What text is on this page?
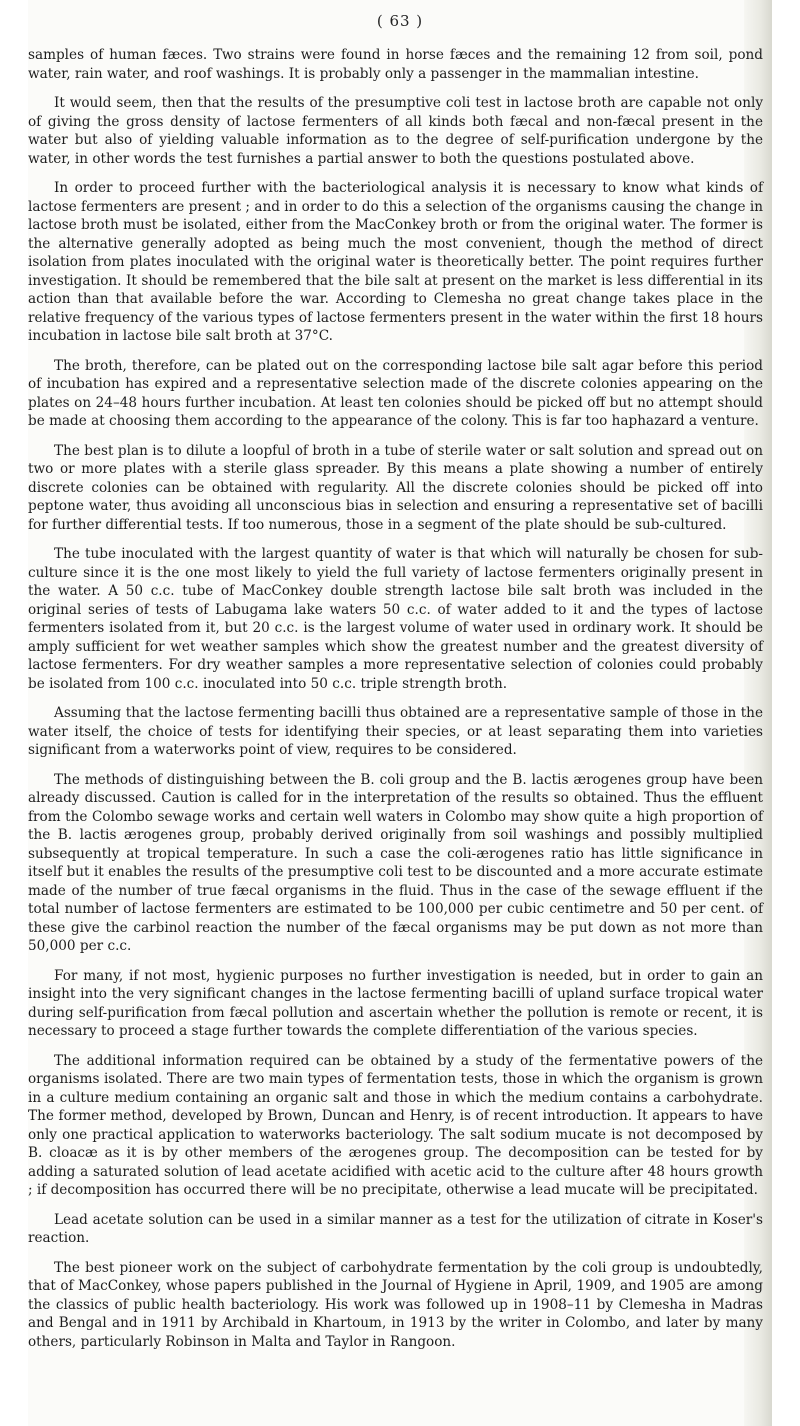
( 63 )

samples of human fæces. Two strains were found in horse fæces and the remaining 12 from soil, pond water, rain water, and roof washings. It is probably only a passenger in the mammalian intestine.

It would seem, then that the results of the presumptive coli test in lactose broth are capable not only of giving the gross density of lactose fermenters of all kinds both fæcal and non-fæcal present in the water but also of yielding valuable information as to the degree of self-purification undergone by the water, in other words the test furnishes a partial answer to both the questions postulated above.

In order to proceed further with the bacteriological analysis it is necessary to know what kinds of lactose fermenters are present ; and in order to do this a selection of the organisms causing the change in lactose broth must be isolated, either from the MacConkey broth or from the original water. The former is the alternative generally adopted as being much the most convenient, though the method of direct isolation from plates inoculated with the original water is theoretically better. The point requires further investigation. It should be remembered that the bile salt at present on the market is less differential in its action than that available before the war. According to Clemesha no great change takes place in the relative frequency of the various types of lactose fermenters present in the water within the first 18 hours incubation in lactose bile salt broth at 37°C.

The broth, therefore, can be plated out on the corresponding lactose bile salt agar before this period of incubation has expired and a representative selection made of the discrete colonies appearing on the plates on 24–48 hours further incubation. At least ten colonies should be picked off but no attempt should be made at choosing them according to the appearance of the colony. This is far too haphazard a venture.

The best plan is to dilute a loopful of broth in a tube of sterile water or salt solution and spread out on two or more plates with a sterile glass spreader. By this means a plate showing a number of entirely discrete colonies can be obtained with regularity. All the discrete colonies should be picked off into peptone water, thus avoiding all unconscious bias in selection and ensuring a representative set of bacilli for further differential tests. If too numerous, those in a segment of the plate should be sub-cultured.

The tube inoculated with the largest quantity of water is that which will naturally be chosen for sub-culture since it is the one most likely to yield the full variety of lactose fermenters originally present in the water. A 50 c.c. tube of MacConkey double strength lactose bile salt broth was included in the original series of tests of Labugama lake waters 50 c.c. of water added to it and the types of lactose fermenters isolated from it, but 20 c.c. is the largest volume of water used in ordinary work. It should be amply sufficient for wet weather samples which show the greatest number and the greatest diversity of lactose fermenters. For dry weather samples a more representative selection of colonies could probably be isolated from 100 c.c. inoculated into 50 c.c. triple strength broth.

Assuming that the lactose fermenting bacilli thus obtained are a representative sample of those in the water itself, the choice of tests for identifying their species, or at least separating them into varieties significant from a waterworks point of view, requires to be considered.

The methods of distinguishing between the B. coli group and the B. lactis ærogenes group have been already discussed. Caution is called for in the interpretation of the results so obtained. Thus the effluent from the Colombo sewage works and certain well waters in Colombo may show quite a high proportion of the B. lactis ærogenes group, probably derived originally from soil washings and possibly multiplied subsequently at tropical temperature. In such a case the coli-ærogenes ratio has little significance in itself but it enables the results of the presumptive coli test to be discounted and a more accurate estimate made of the number of true fæcal organisms in the fluid. Thus in the case of the sewage effluent if the total number of lactose fermenters are estimated to be 100,000 per cubic centimetre and 50 per cent. of these give the carbinol reaction the number of the fæcal organisms may be put down as not more than 50,000 per c.c.

For many, if not most, hygienic purposes no further investigation is needed, but in order to gain an insight into the very significant changes in the lactose fermenting bacilli of upland surface tropical water during self-purification from fæcal pollution and ascertain whether the pollution is remote or recent, it is necessary to proceed a stage further towards the complete differentiation of the various species.

The additional information required can be obtained by a study of the fermentative powers of the organisms isolated. There are two main types of fermentation tests, those in which the organism is grown in a culture medium containing an organic salt and those in which the medium contains a carbohydrate. The former method, developed by Brown, Duncan and Henry, is of recent introduction. It appears to have only one practical application to waterworks bacteriology. The salt sodium mucate is not decomposed by B. cloacæ as it is by other members of the ærogenes group. The decomposition can be tested for by adding a saturated solution of lead acetate acidified with acetic acid to the culture after 48 hours growth ; if decomposition has occurred there will be no precipitate, otherwise a lead mucate will be precipitated.

Lead acetate solution can be used in a similar manner as a test for the utilization of citrate in Koser's reaction.

The best pioneer work on the subject of carbohydrate fermentation by the coli group is undoubtedly, that of MacConkey, whose papers published in the Journal of Hygiene in April, 1909, and 1905 are among the classics of public health bacteriology. His work was followed up in 1908–11 by Clemesha in Madras and Bengal and in 1911 by Archibald in Khartoum, in 1913 by the writer in Colombo, and later by many others, particularly Robinson in Malta and Taylor in Rangoon.
